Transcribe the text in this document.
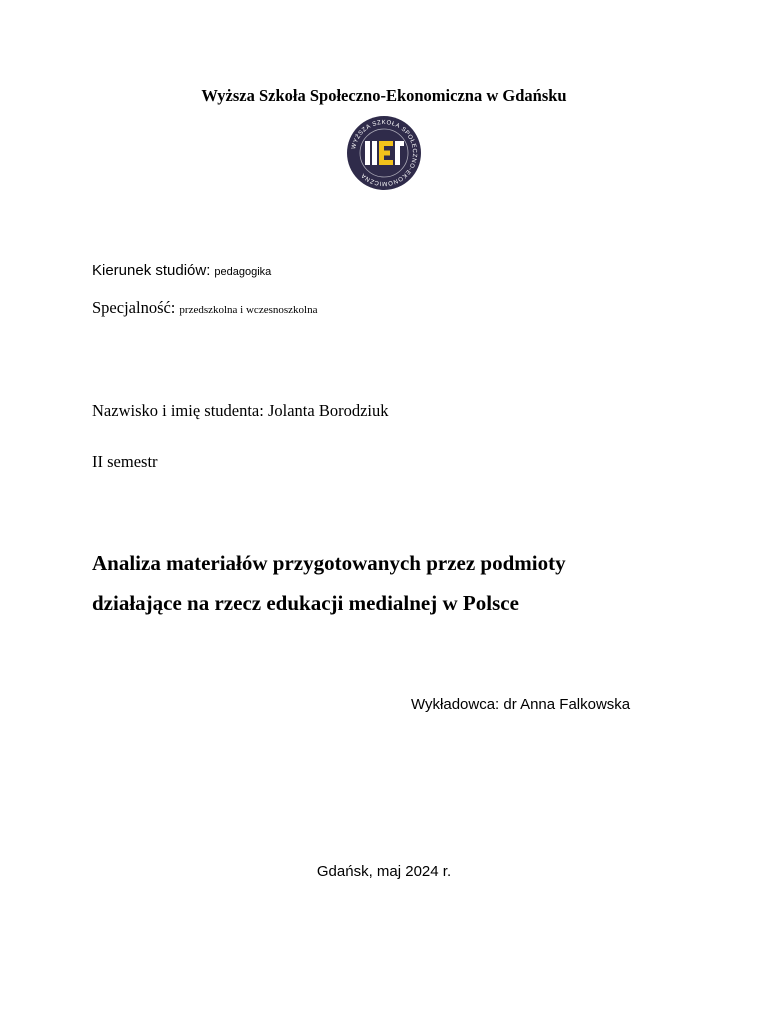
Wyższa Szkoła Społeczno-Ekonomiczna w Gdańsku
WYŻSZA SZKOŁA SPOŁECZNO-EKONOMICZNA
Kierunek studiów: pedagogika
Specjalność: przedszkolna i wczesnoszkolna
Nazwisko i imię studenta: Jolanta Borodziuk
II semestr
Analiza materiałów przygotowanych przez podmioty
działające na rzecz edukacji medialnej w Polsce
Wykładowca: dr Anna Falkowska
Gdańsk, maj 2024 r.
